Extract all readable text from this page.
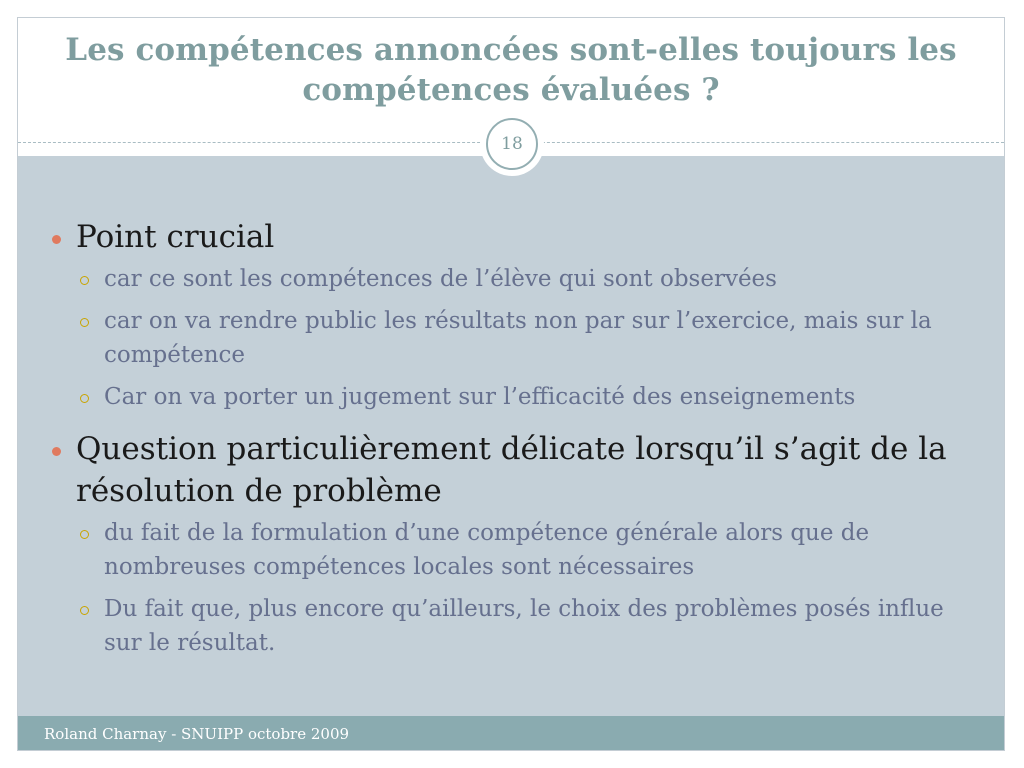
Les compétences annoncées sont-elles toujours les compétences évaluées ?
Point crucial
car ce sont les compétences de l’élève qui sont observées
car on va rendre public les résultats non par sur l’exercice, mais sur la compétence
Car on va porter un jugement sur l’efficacité des enseignements
Question particulièrement délicate lorsqu’il s’agit de la résolution de problème
du fait de la formulation d’une compétence générale alors que de nombreuses compétences locales sont nécessaires
Du fait que, plus encore qu’ailleurs, le choix des problèmes posés influe sur le résultat.
18
Roland Charnay - SNUIPP octobre 2009
